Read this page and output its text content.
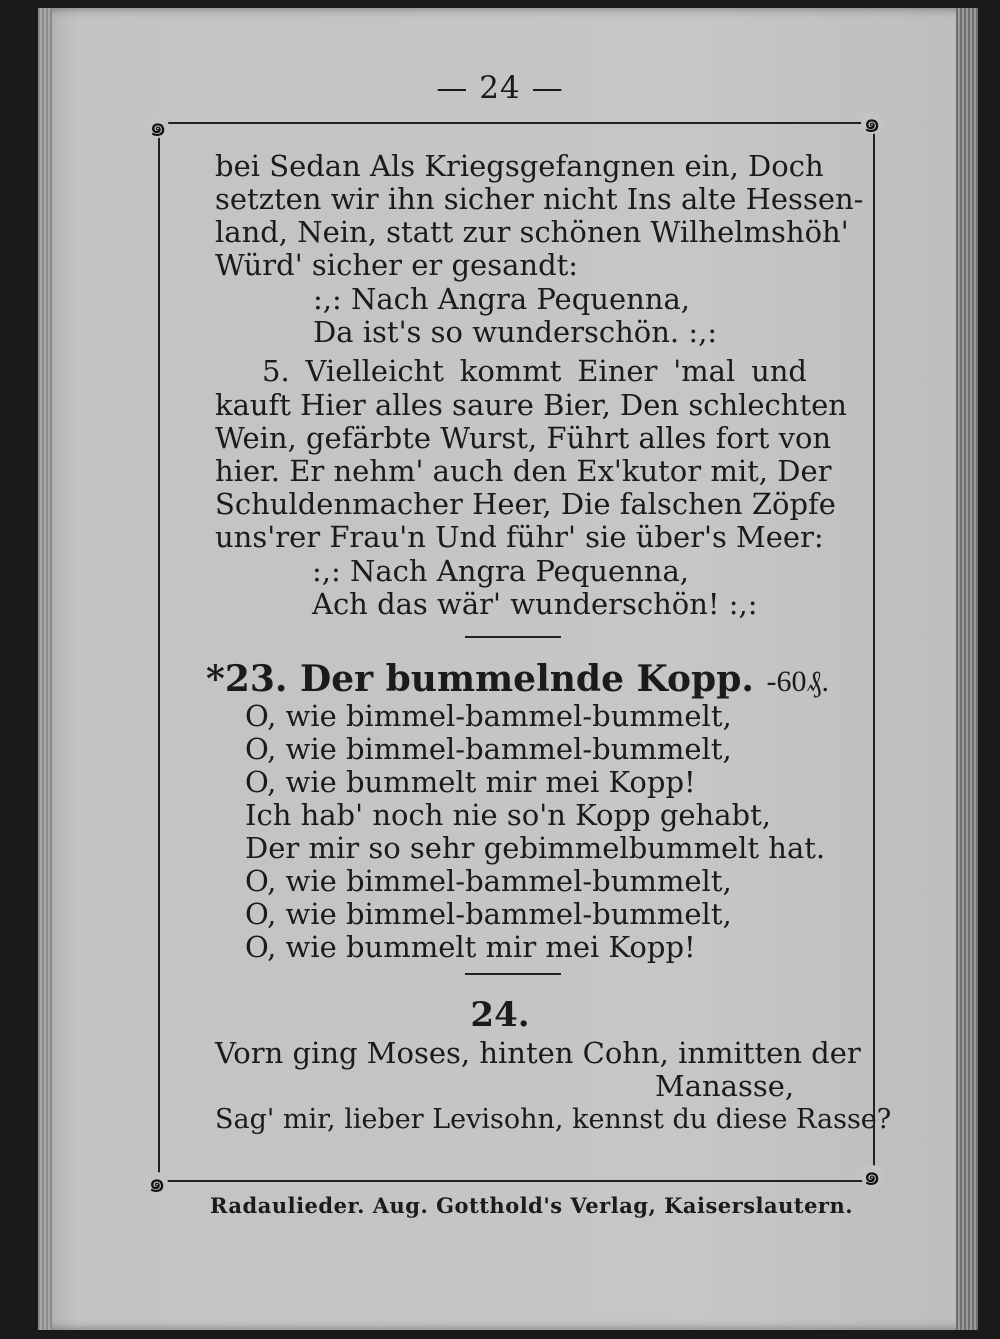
— 24 —
๑	๑
๑	๑
bei Sedan Als Kriegsgefangnen ein, Doch
setzten wir ihn sicher nicht Ins alte Hessen-
land, Nein, statt zur schönen Wilhelmshöh'
Würd' sicher er gesandt:
:,: Nach Angra Pequenna,
Da ist's so wunderschön. :,:
5. Vielleicht kommt Einer 'mal und
kauft Hier alles saure Bier, Den schlechten
Wein, gefärbte Wurst, Führt alles fort von
hier. Er nehm' auch den Ex'kutor mit, Der
Schuldenmacher Heer, Die falschen Zöpfe
uns'rer Frau'n Und führ' sie über's Meer:
:,: Nach Angra Pequenna,
Ach das wär' wunderschön! :,:
*23. Der bummelnde Kopp. -60₰.
O, wie bimmel-bammel-bummelt,
O, wie bimmel-bammel-bummelt,
O, wie bummelt mir mei Kopp!
Ich hab' noch nie so'n Kopp gehabt,
Der mir so sehr gebimmelbummelt hat.
O, wie bimmel-bammel-bummelt,
O, wie bimmel-bammel-bummelt,
O, wie bummelt mir mei Kopp!
24.
Vorn ging Moses, hinten Cohn, inmitten der
Manasse,
Sag' mir, lieber Levisohn, kennst du diese Rasse?
Radaulieder. Aug. Gotthold's Verlag, Kaiserslautern.
